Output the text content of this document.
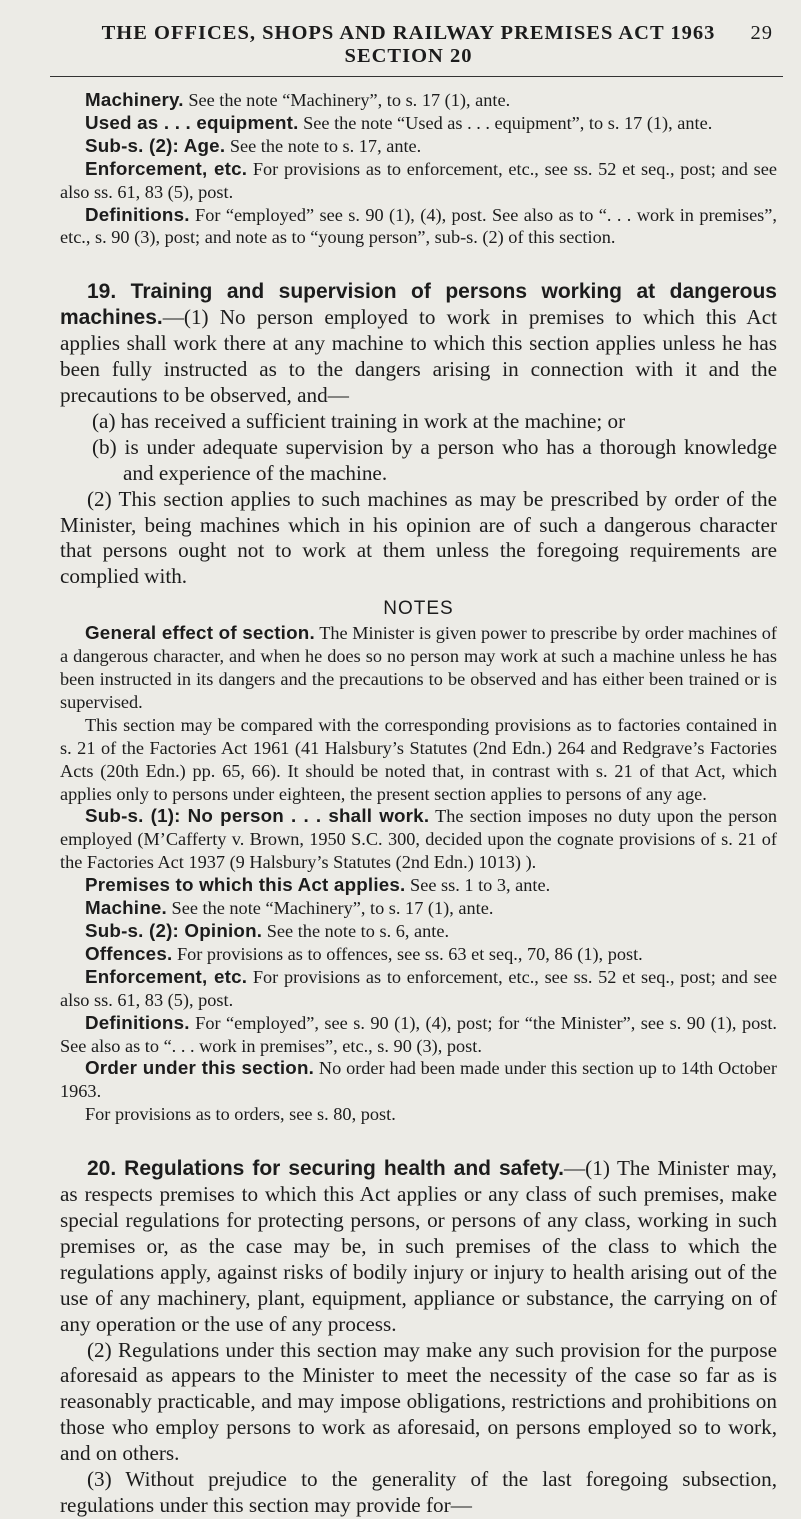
THE OFFICES, SHOPS AND RAILWAY PREMISES ACT 1963 29
SECTION 20

Machinery. See the note “Machinery”, to s. 17 (1), ante.

Used as . . . equipment. See the note “Used as . . . equipment”, to s. 17 (1), ante.

Sub-s. (2): Age. See the note to s. 17, ante.

Enforcement, etc. For provisions as to enforcement, etc., see ss. 52 et seq., post; and see also ss. 61, 83 (5), post.

Definitions. For “employed” see s. 90 (1), (4), post. See also as to “. . . work in premises”, etc., s. 90 (3), post; and note as to “young person”, sub-s. (2) of this section.

19. Training and supervision of persons working at dangerous machines.—(1) No person employed to work in premises to which this Act applies shall work there at any machine to which this section applies unless he has been fully instructed as to the dangers arising in connection with it and the precautions to be observed, and—

(a) has received a sufficient training in work at the machine; or

(b) is under adequate supervision by a person who has a thorough knowledge and experience of the machine.

(2) This section applies to such machines as may be prescribed by order of the Minister, being machines which in his opinion are of such a dangerous character that persons ought not to work at them unless the foregoing requirements are complied with.

NOTES

General effect of section. The Minister is given power to prescribe by order machines of a dangerous character, and when he does so no person may work at such a machine unless he has been instructed in its dangers and the precautions to be observed and has either been trained or is supervised.

This section may be compared with the corresponding provisions as to factories contained in s. 21 of the Factories Act 1961 (41 Halsbury’s Statutes (2nd Edn.) 264 and Redgrave’s Factories Acts (20th Edn.) pp. 65, 66). It should be noted that, in contrast with s. 21 of that Act, which applies only to persons under eighteen, the present section applies to persons of any age.

Sub-s. (1): No person . . . shall work. The section imposes no duty upon the person employed (M’Cafferty v. Brown, 1950 S.C. 300, decided upon the cognate provisions of s. 21 of the Factories Act 1937 (9 Halsbury’s Statutes (2nd Edn.) 1013) ).

Premises to which this Act applies. See ss. 1 to 3, ante.

Machine. See the note “Machinery”, to s. 17 (1), ante.

Sub-s. (2): Opinion. See the note to s. 6, ante.

Offences. For provisions as to offences, see ss. 63 et seq., 70, 86 (1), post.

Enforcement, etc. For provisions as to enforcement, etc., see ss. 52 et seq., post; and see also ss. 61, 83 (5), post.

Definitions. For “employed”, see s. 90 (1), (4), post; for “the Minister”, see s. 90 (1), post. See also as to “. . . work in premises”, etc., s. 90 (3), post.

Order under this section. No order had been made under this section up to 14th October 1963.

For provisions as to orders, see s. 80, post.

20. Regulations for securing health and safety.—(1) The Minister may, as respects premises to which this Act applies or any class of such premises, make special regulations for protecting persons, or persons of any class, working in such premises or, as the case may be, in such premises of the class to which the regulations apply, against risks of bodily injury or injury to health arising out of the use of any machinery, plant, equipment, appliance or substance, the carrying on of any operation or the use of any process.

(2) Regulations under this section may make any such provision for the purpose aforesaid as appears to the Minister to meet the necessity of the case so far as is reasonably practicable, and may impose obligations, restrictions and prohibitions on those who employ persons to work as aforesaid, on persons employed so to work, and on others.

(3) Without prejudice to the generality of the last foregoing subsection, regulations under this section may provide for—
